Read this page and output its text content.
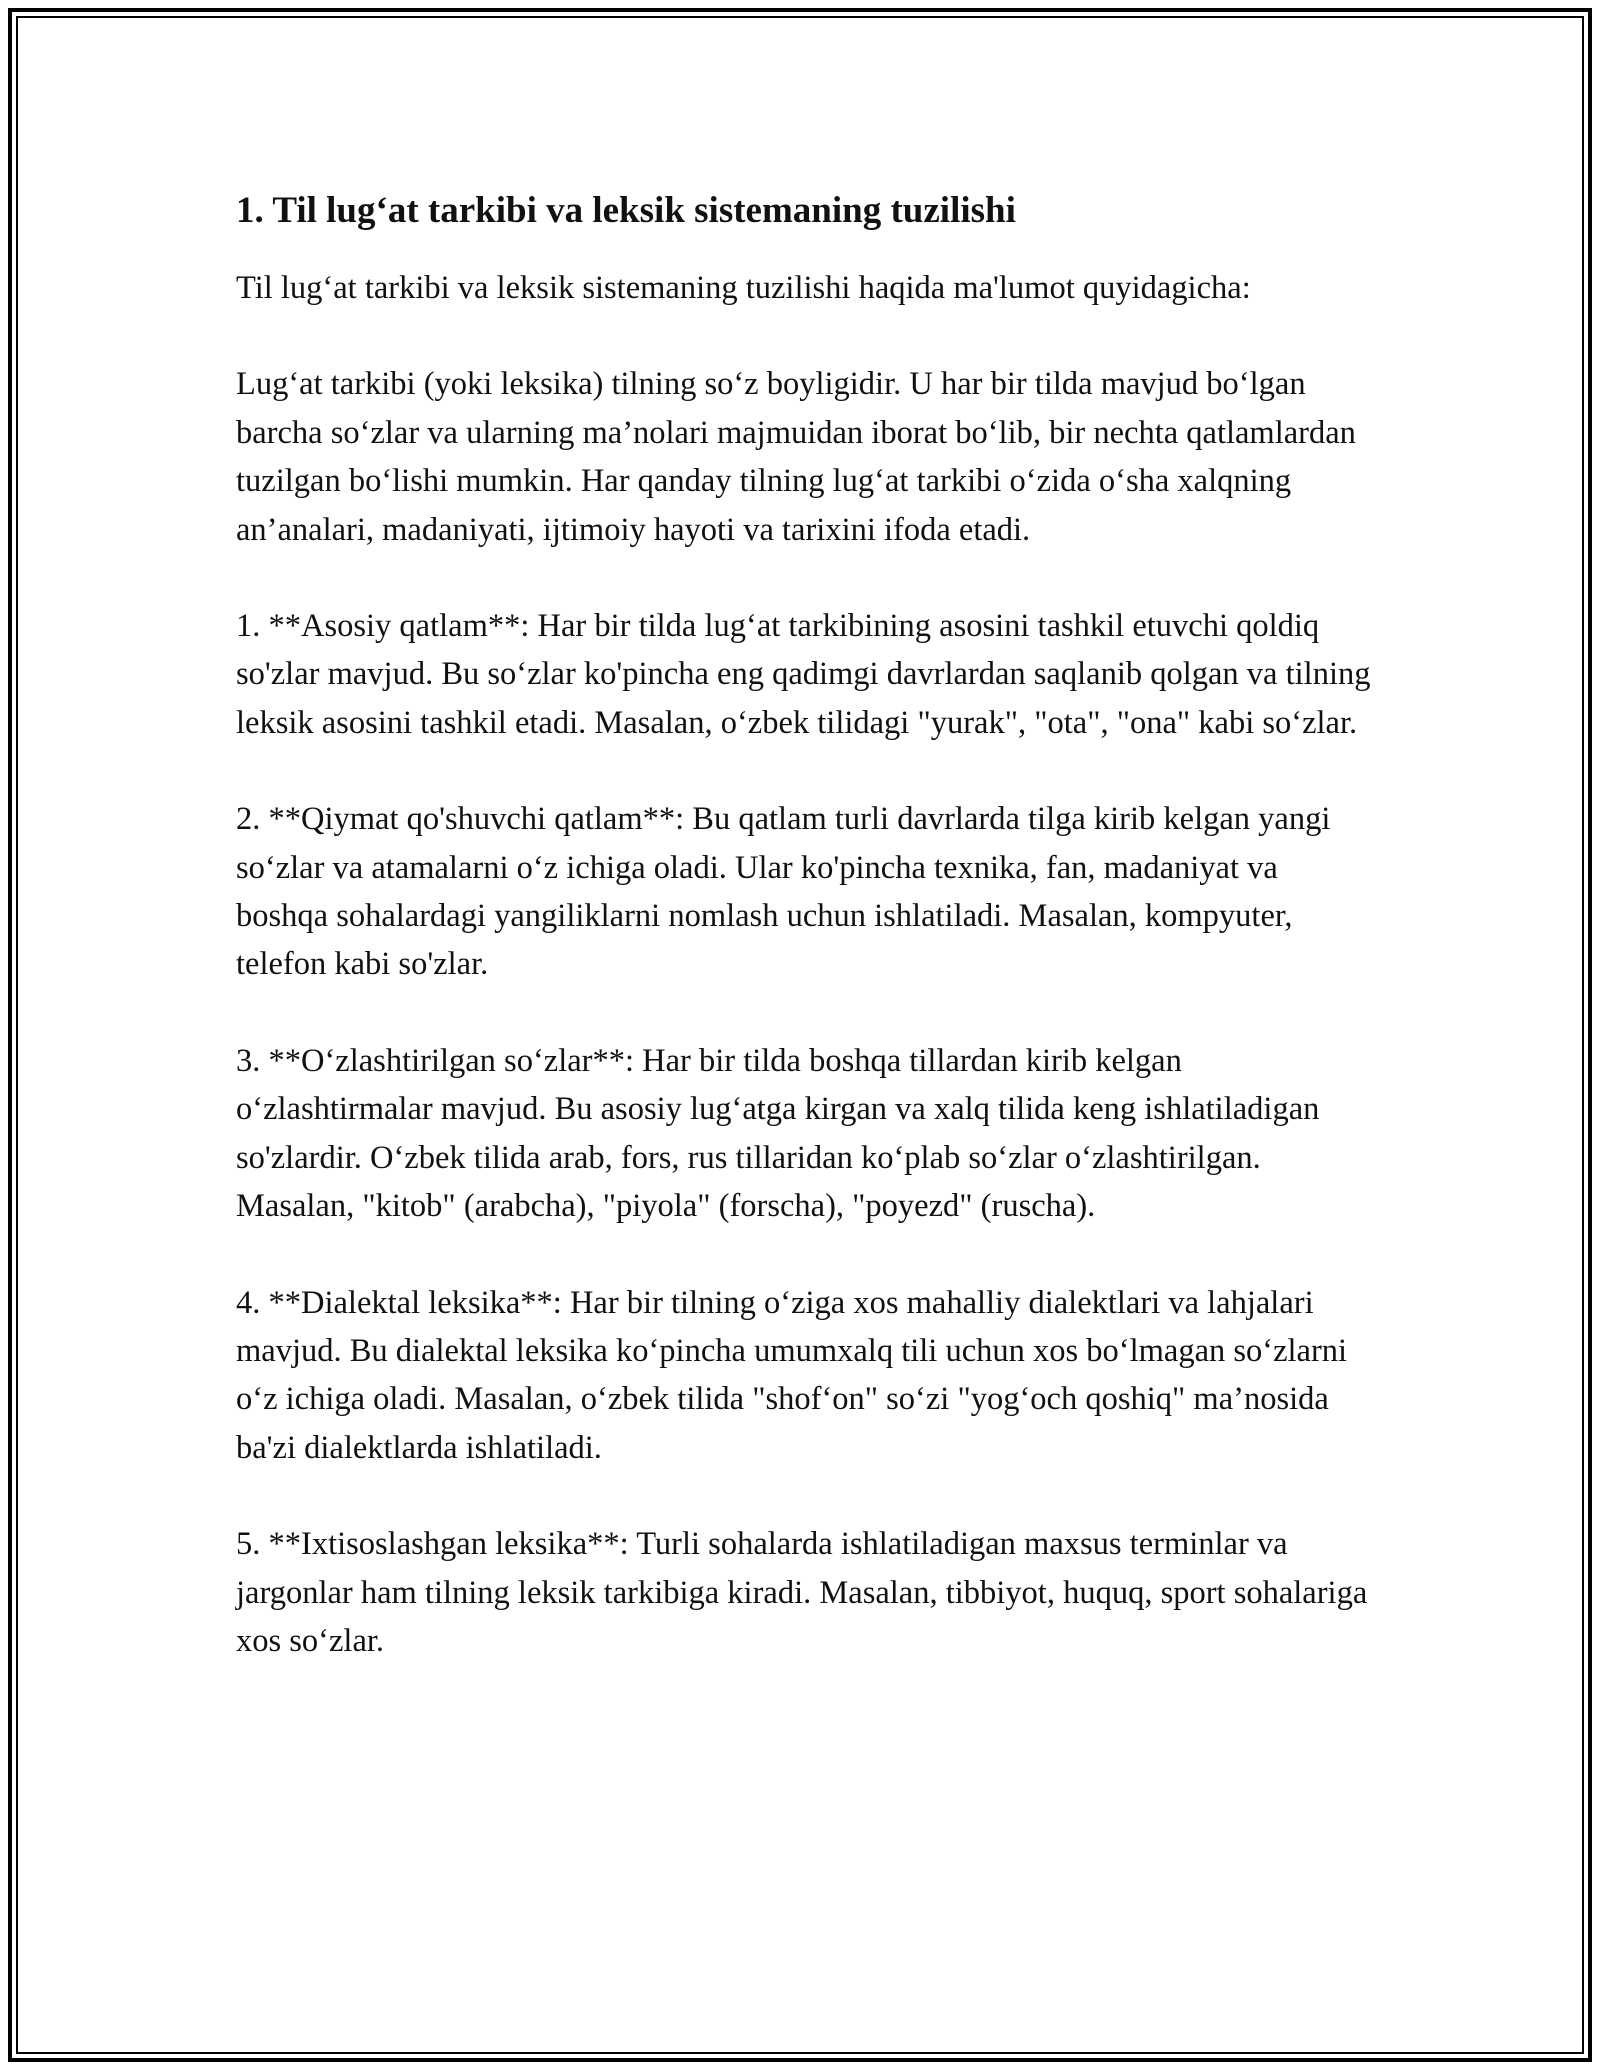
1. Til lug‘at tarkibi va leksik sistemaning tuzilishi

Til lug‘at tarkibi va leksik sistemaning tuzilishi haqida ma'lumot quyidagicha:

Lug‘at tarkibi (yoki leksika) tilning so‘z boyligidir. U har bir tilda mavjud bo‘lgan barcha so‘zlar va ularning ma’nolari majmuidan iborat bo‘lib, bir nechta qatlamlardan tuzilgan bo‘lishi mumkin. Har qanday tilning lug‘at tarkibi o‘zida o‘sha xalqning an’analari, madaniyati, ijtimoiy hayoti va tarixini ifoda etadi.

1. **Asosiy qatlam**: Har bir tilda lug‘at tarkibining asosini tashkil etuvchi qoldiq so'zlar mavjud. Bu so‘zlar ko'pincha eng qadimgi davrlardan saqlanib qolgan va tilning leksik asosini tashkil etadi. Masalan, o‘zbek tilidagi "yurak", "ota", "ona" kabi so‘zlar.

2. **Qiymat qo'shuvchi qatlam**: Bu qatlam turli davrlarda tilga kirib kelgan yangi so‘zlar va atamalarni o‘z ichiga oladi. Ular ko'pincha texnika, fan, madaniyat va boshqa sohalardagi yangiliklarni nomlash uchun ishlatiladi. Masalan, kompyuter, telefon kabi so'zlar.

3. **O‘zlashtirilgan so‘zlar**: Har bir tilda boshqa tillardan kirib kelgan o‘zlashtirmalar mavjud. Bu asosiy lug‘atga kirgan va xalq tilida keng ishlatiladigan so'zlardir. O‘zbek tilida arab, fors, rus tillaridan ko‘plab so‘zlar o‘zlashtirilgan. Masalan, "kitob" (arabcha), "piyola" (forscha), "poyezd" (ruscha).

4. **Dialektal leksika**: Har bir tilning o‘ziga xos mahalliy dialektlari va lahjalari mavjud. Bu dialektal leksika ko‘pincha umumxalq tili uchun xos bo‘lmagan so‘zlarni o‘z ichiga oladi. Masalan, o‘zbek tilida "shof‘on" so‘zi "yog‘och qoshiq" ma’nosida ba'zi dialektlarda ishlatiladi.

5. **Ixtisoslashgan leksika**: Turli sohalarda ishlatiladigan maxsus terminlar va jargonlar ham tilning leksik tarkibiga kiradi. Masalan, tibbiyot, huquq, sport sohalariga xos so‘zlar.
